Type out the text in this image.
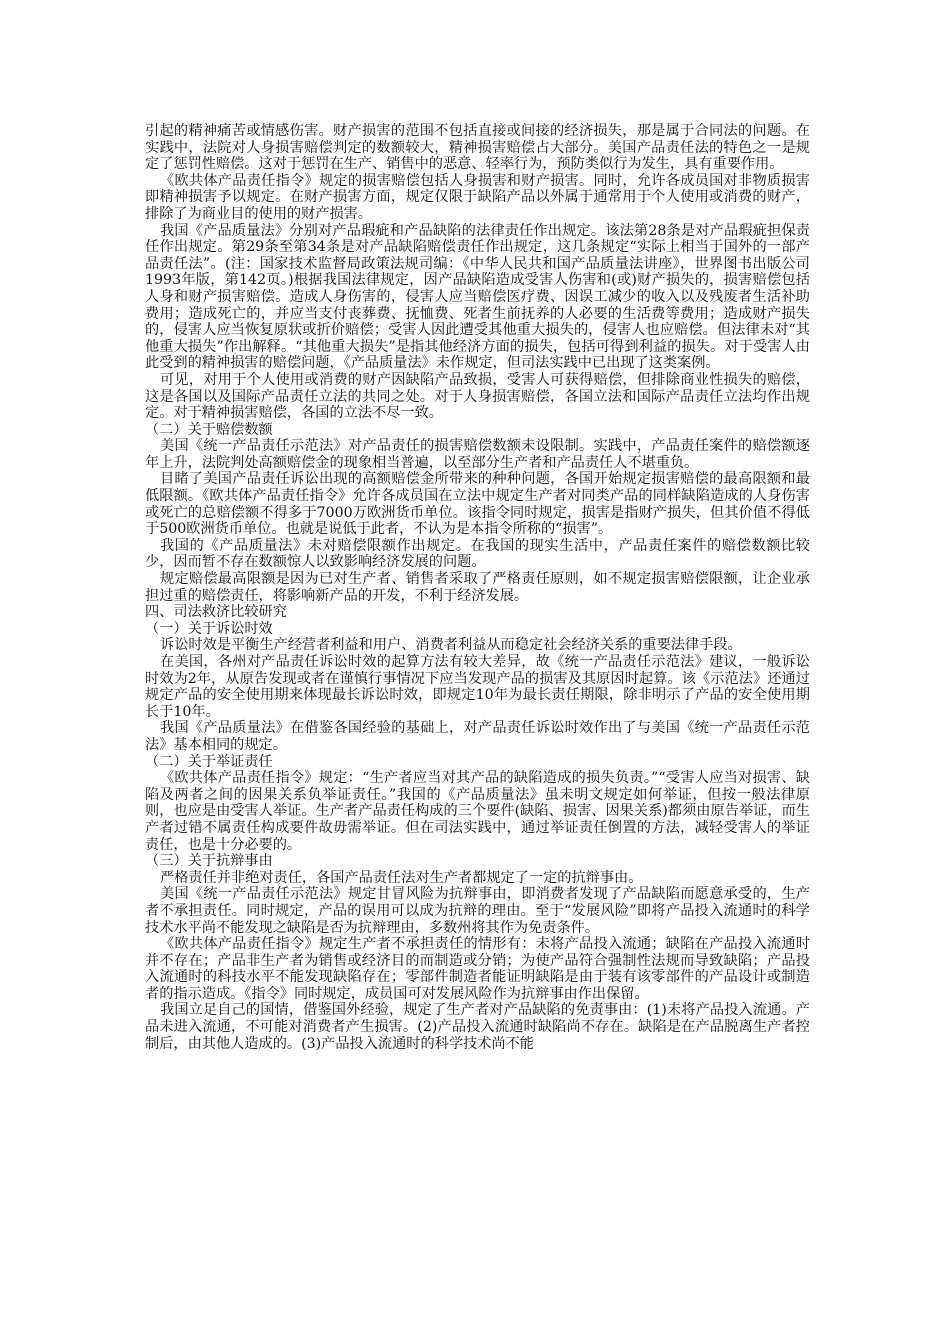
引起的精神痛苦或情感伤害。财产损害的范围不包括直接或间接的经济损失，那是属于合同法的问题。在实践中，法院对人身损害赔偿判定的数额较大，精神损害赔偿占大部分。美国产品责任法的特色之一是规定了惩罚性赔偿。这对于惩罚在生产、销售中的恶意、轻率行为，预防类似行为发生，具有重要作用。

《欧共体产品责任指令》规定的损害赔偿包括人身损害和财产损害。同时，允许各成员国对非物质损害即精神损害予以规定。在财产损害方面，规定仅限于缺陷产品以外属于通常用于个人使用或消费的财产，排除了为商业目的使用的财产损害。

我国《产品质量法》分别对产品瑕疵和产品缺陷的法律责任作出规定。该法第28条是对产品瑕疵担保责任作出规定。第29条至第34条是对产品缺陷赔偿责任作出规定，这几条规定“实际上相当于国外的一部产品责任法”。(注：国家技术监督局政策法规司编：《中华人民共和国产品质量法讲座》，世界图书出版公司1993年版，第142页。)根据我国法律规定，因产品缺陷造成受害人伤害和(或)财产损失的，损害赔偿包括人身和财产损害赔偿。造成人身伤害的，侵害人应当赔偿医疗费、因误工减少的收入以及残废者生活补助费用；造成死亡的，并应当支付丧葬费、抚恤费、死者生前抚养的人必要的生活费等费用；造成财产损失的，侵害人应当恢复原状或折价赔偿；受害人因此遭受其他重大损失的，侵害人也应赔偿。但法律未对“其他重大损失”作出解释。“其他重大损失”是指其他经济方面的损失，包括可得到利益的损失。对于受害人由此受到的精神损害的赔偿问题，《产品质量法》未作规定，但司法实践中已出现了这类案例。

可见，对用于个人使用或消费的财产因缺陷产品致损，受害人可获得赔偿，但排除商业性损失的赔偿，这是各国以及国际产品责任立法的共同之处。对于人身损害赔偿，各国立法和国际产品责任立法均作出规定。对于精神损害赔偿，各国的立法不尽一致。

（二）关于赔偿数额

美国《统一产品责任示范法》对产品责任的损害赔偿数额未设限制。实践中，产品责任案件的赔偿额逐年上升，法院判处高额赔偿金的现象相当普遍，以至部分生产者和产品责任人不堪重负。

目睹了美国产品责任诉讼出现的高额赔偿金所带来的种种问题，各国开始规定损害赔偿的最高限额和最低限额。《欧共体产品责任指令》允许各成员国在立法中规定生产者对同类产品的同样缺陷造成的人身伤害或死亡的总赔偿额不得多于7000万欧洲货币单位。该指令同时规定，损害是指财产损失，但其价值不得低于500欧洲货币单位。也就是说低于此者，不认为是本指令所称的“损害”。

我国的《产品质量法》未对赔偿限额作出规定。在我国的现实生活中，产品责任案件的赔偿数额比较少，因而暂不存在数额惊人以致影响经济发展的问题。

规定赔偿最高限额是因为已对生产者、销售者采取了严格责任原则，如不规定损害赔偿限额，让企业承担过重的赔偿责任，将影响新产品的开发，不利于经济发展。

四、司法救济比较研究

（一）关于诉讼时效

诉讼时效是平衡生产经营者利益和用户、消费者利益从而稳定社会经济关系的重要法律手段。

在美国，各州对产品责任诉讼时效的起算方法有较大差异，故《统一产品责任示范法》建议，一般诉讼时效为2年，从原告发现或者在谨慎行事情况下应当发现产品的损害及其原因时起算。该《示范法》还通过规定产品的安全使用期来体现最长诉讼时效，即规定10年为最长责任期限，除非明示了产品的安全使用期长于10年。

我国《产品质量法》在借鉴各国经验的基础上，对产品责任诉讼时效作出了与美国《统一产品责任示范法》基本相同的规定。

（二）关于举证责任

《欧共体产品责任指令》规定：“生产者应当对其产品的缺陷造成的损失负责。”“受害人应当对损害、缺陷及两者之间的因果关系负举证责任。”我国的《产品质量法》虽未明文规定如何举证，但按一般法律原则，也应是由受害人举证。生产者产品责任构成的三个要件(缺陷、损害、因果关系)都须由原告举证，而生产者过错不属责任构成要件故毋需举证。但在司法实践中，通过举证责任倒置的方法，减轻受害人的举证责任，也是十分必要的。

（三）关于抗辩事由

严格责任并非绝对责任，各国产品责任法对生产者都规定了一定的抗辩事由。

美国《统一产品责任示范法》规定甘冒风险为抗辩事由，即消费者发现了产品缺陷而愿意承受的，生产者不承担责任。同时规定，产品的误用可以成为抗辩的理由。至于“发展风险”即将产品投入流通时的科学技术水平尚不能发现之缺陷是否为抗辩理由，多数州将其作为免责条件。

《欧共体产品责任指令》规定生产者不承担责任的情形有：未将产品投入流通；缺陷在产品投入流通时并不存在；产品非生产者为销售或经济目的而制造或分销；为使产品符合强制性法规而导致缺陷；产品投入流通时的科技水平不能发现缺陷存在；零部件制造者能证明缺陷是由于装有该零部件的产品设计或制造者的指示造成。《指令》同时规定，成员国可对发展风险作为抗辩事由作出保留。

我国立足自己的国情，借鉴国外经验，规定了生产者对产品缺陷的免责事由：(1)未将产品投入流通。产品未进入流通，不可能对消费者产生损害。(2)产品投入流通时缺陷尚不存在。缺陷是在产品脱离生产者控制后，由其他人造成的。(3)产品投入流通时的科学技术尚不能
